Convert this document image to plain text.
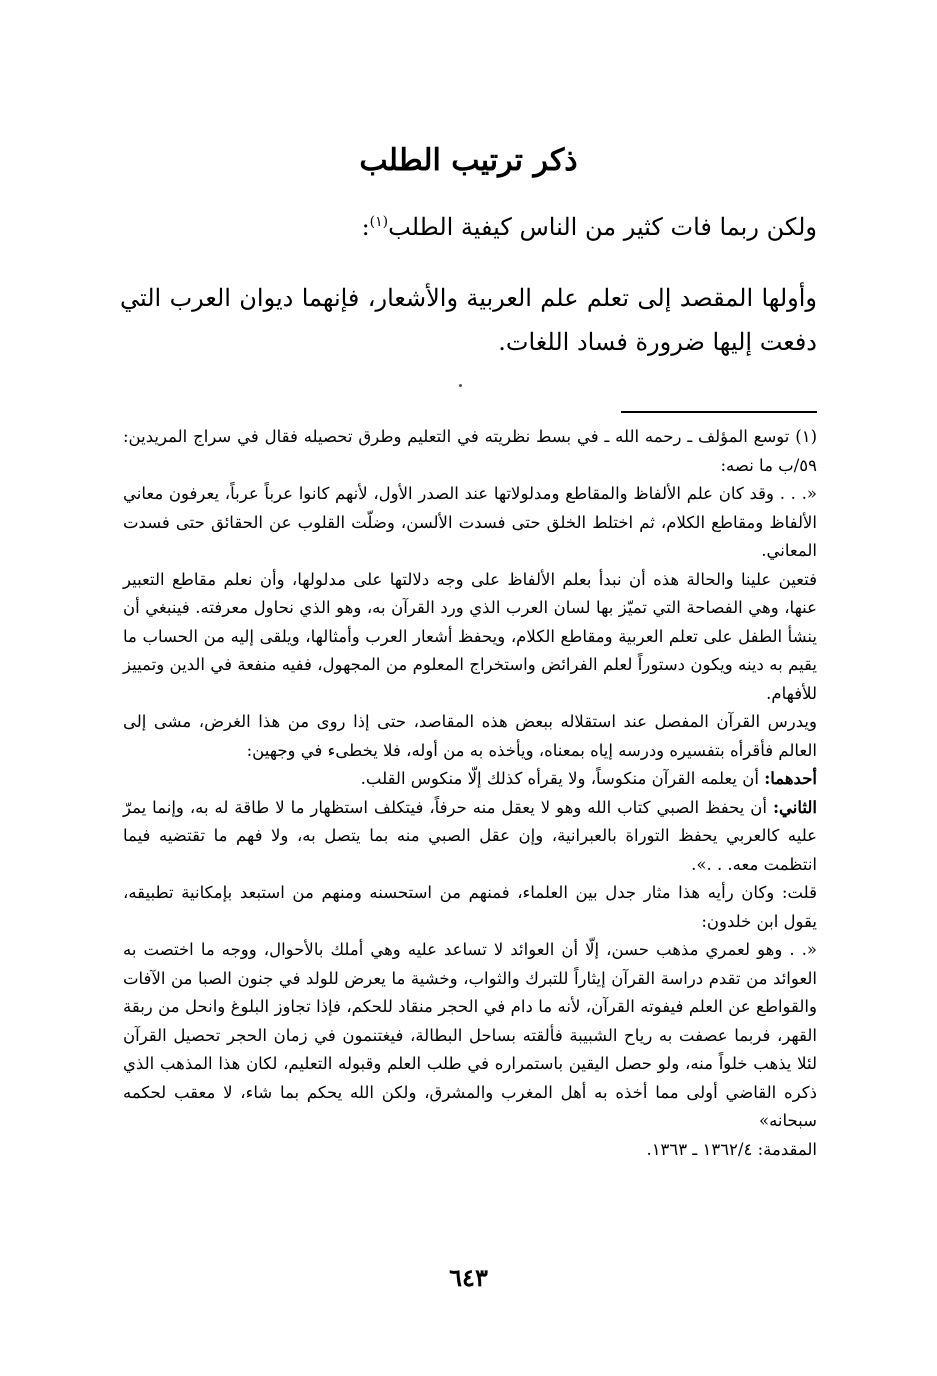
ذكر ترتيب الطلب
ولكن ربما فات كثير من الناس كيفية الطلب$^{(١)}$:
وأولها المقصد إلى تعلم علم العربية والأشعار، فإنهما ديوان العرب التي دفعت إليها ضرورة فساد اللغات.

(١) توسع المؤلف ـ رحمه الله ـ في بسط نظريته في التعليم وطرق تحصيله فقال في سراج المريدين: ٥٩/ب ما نصه:

«. . . وقد كان علم الألفاظ والمقاطع ومدلولاتها عند الصدر الأول، لأنهم كانوا عرباً عرباً، يعرفون معاني الألفاظ ومقاطع الكلام، ثم اختلط الخلق حتى فسدت الألسن، وضلّت القلوب عن الحقائق حتى فسدت المعاني.

فتعين علينا والحالة هذه أن نبدأ بعلم الألفاظ على وجه دلالتها على مدلولها، وأن نعلم مقاطع التعبير عنها، وهي الفصاحة التي تميّز بها لسان العرب الذي ورد القرآن به، وهو الذي نحاول معرفته. فينبغي أن ينشأ الطفل على تعلم العربية ومقاطع الكلام، ويحفظ أشعار العرب وأمثالها، ويلقى إليه من الحساب ما يقيم به دينه ويكون دستوراً لعلم الفرائض واستخراج المعلوم من المجهول، ففيه منفعة في الدين وتمييز للأفهام.

ويدرس القرآن المفصل عند استقلاله ببعض هذه المقاصد، حتى إذا روى من هذا الغرض، مشى إلى العالم فأقرأه بتفسيره ودرسه إياه بمعناه، ويأخذه به من أوله، فلا يخطىء في وجهين:

أحدهما: أن يعلمه القرآن منكوساً، ولا يقرأه كذلك إلّا منكوس القلب.

الثاني: أن يحفظ الصبي كتاب الله وهو لا يعقل منه حرفاً، فيتكلف استظهار ما لا طاقة له به، وإنما يمرّ عليه كالعربي يحفظ التوراة بالعبرانية، وإن عقل الصبي منه بما يتصل به، ولا فهم ما تقتضيه فيما انتظمت معه. . .».

قلت: وكان رأيه هذا مثار جدل بين العلماء، فمنهم من استحسنه ومنهم من استبعد بإمكانية تطبيقه، يقول ابن خلدون:

«. . وهو لعمري مذهب حسن، إلّا أن العوائد لا تساعد عليه وهي أملك بالأحوال، ووجه ما اختصت به العوائد من تقدم دراسة القرآن إيثاراً للتبرك والثواب، وخشية ما يعرض للولد في جنون الصبا من الآفات والقواطع عن العلم فيفوته القرآن، لأنه ما دام في الحجر منقاد للحكم، فإذا تجاوز البلوغ وانحل من ربقة القهر، فربما عصفت به رياح الشبيبة فألقته بساحل البطالة، فيغتنمون في زمان الحجر تحصيل القرآن لئلا يذهب خلواً منه، ولو حصل اليقين باستمراره في طلب العلم وقبوله التعليم، لكان هذا المذهب الذي ذكره القاضي أولى مما أخذه به أهل المغرب والمشرق، ولكن الله يحكم بما شاء، لا معقب لحكمه سبحانه»

المقدمة: ١٣٦٢/٤ ـ ١٣٦٣.

٦٤٣
